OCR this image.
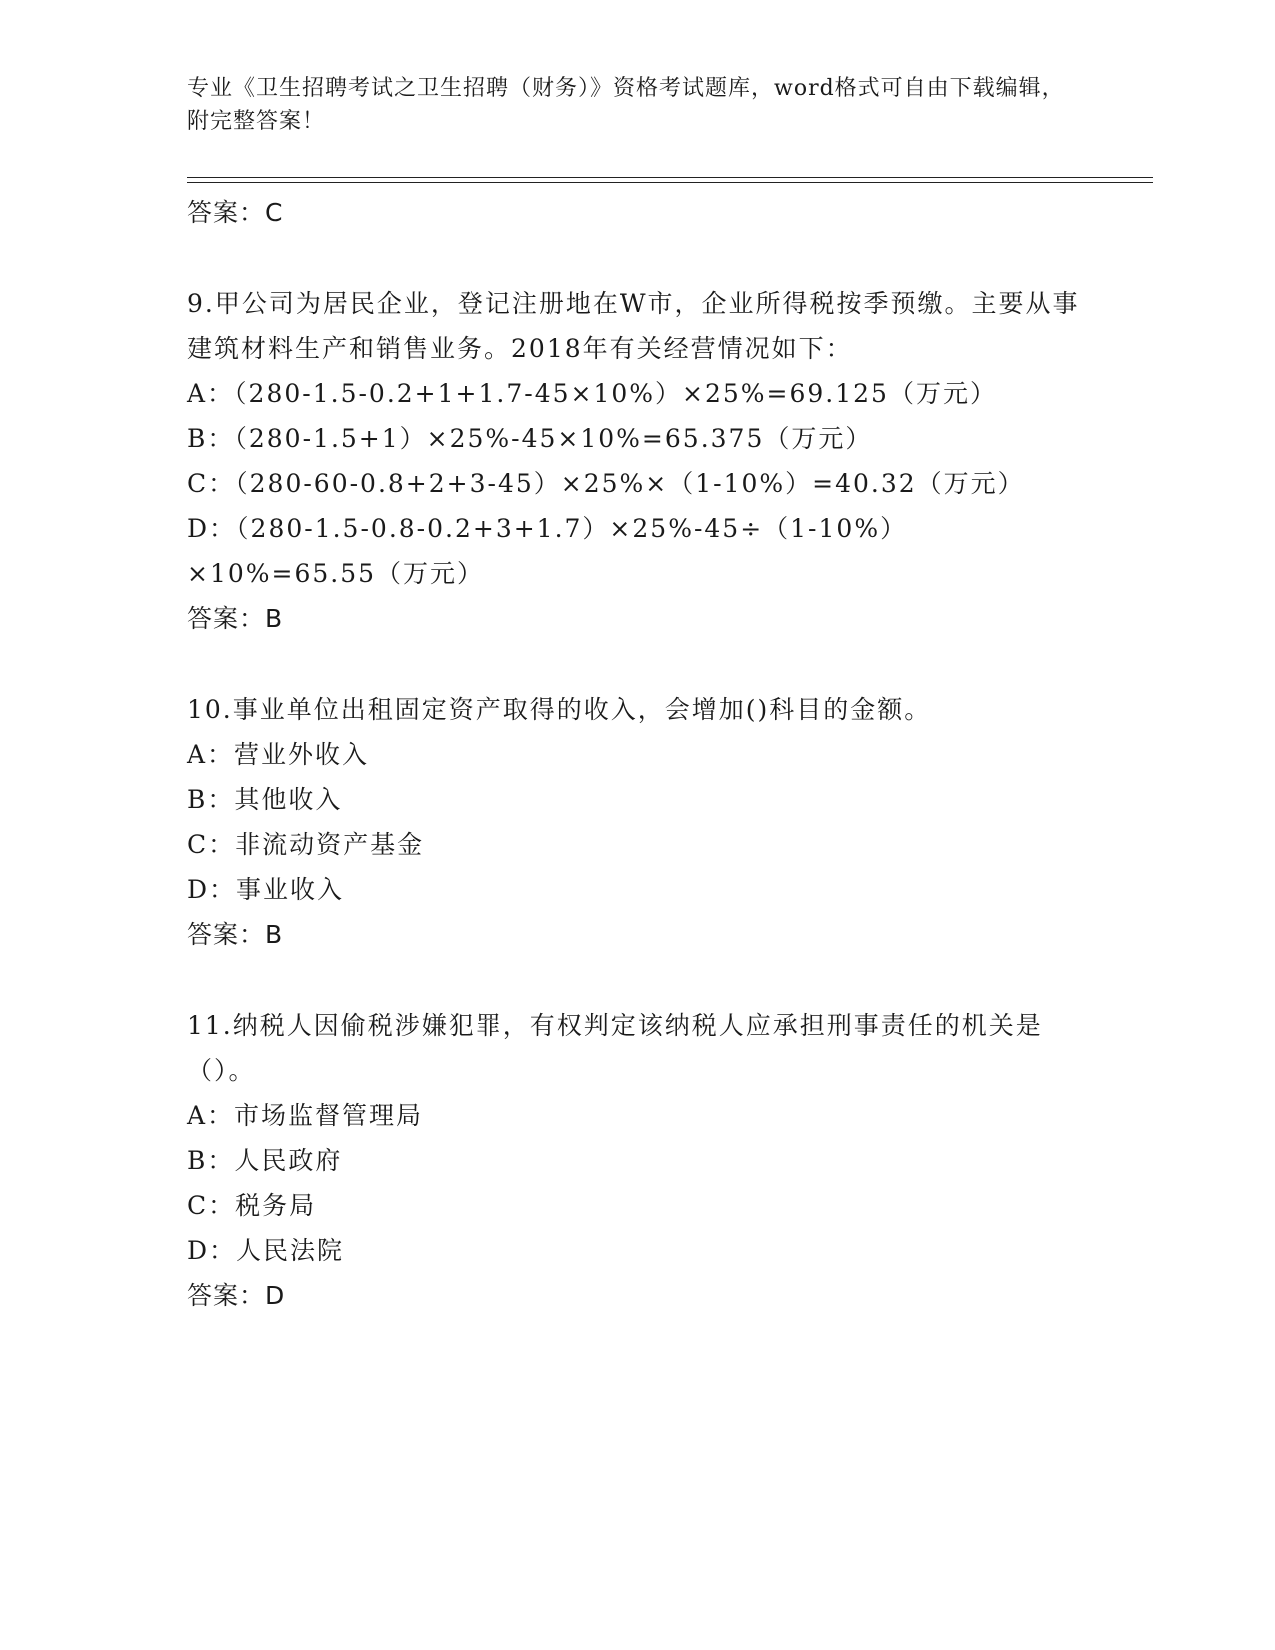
专业《卫生招聘考试之卫生招聘（财务）》资格考试题库，word格式可自由下载编辑，附完整答案！
答案：C
9.甲公司为居民企业，登记注册地在W市，企业所得税按季预缴。主要从事建筑材料生产和销售业务。2018年有关经营情况如下：
A：（280-1.5-0.2+1+1.7-45×10%）×25%=69.125（万元）
B：（280-1.5+1）×25%-45×10%=65.375（万元）
C：（280-60-0.8+2+3-45）×25%×（1-10%）=40.32（万元）
D：（280-1.5-0.8-0.2+3+1.7）×25%-45÷（1-10%）×10%=65.55（万元）
答案：B
10.事业单位出租固定资产取得的收入，会增加()科目的金额。
A：营业外收入
B：其他收入
C：非流动资产基金
D：事业收入
答案：B
11.纳税人因偷税涉嫌犯罪，有权判定该纳税人应承担刑事责任的机关是（）。
A：市场监督管理局
B：人民政府
C：税务局
D：人民法院
答案：D
